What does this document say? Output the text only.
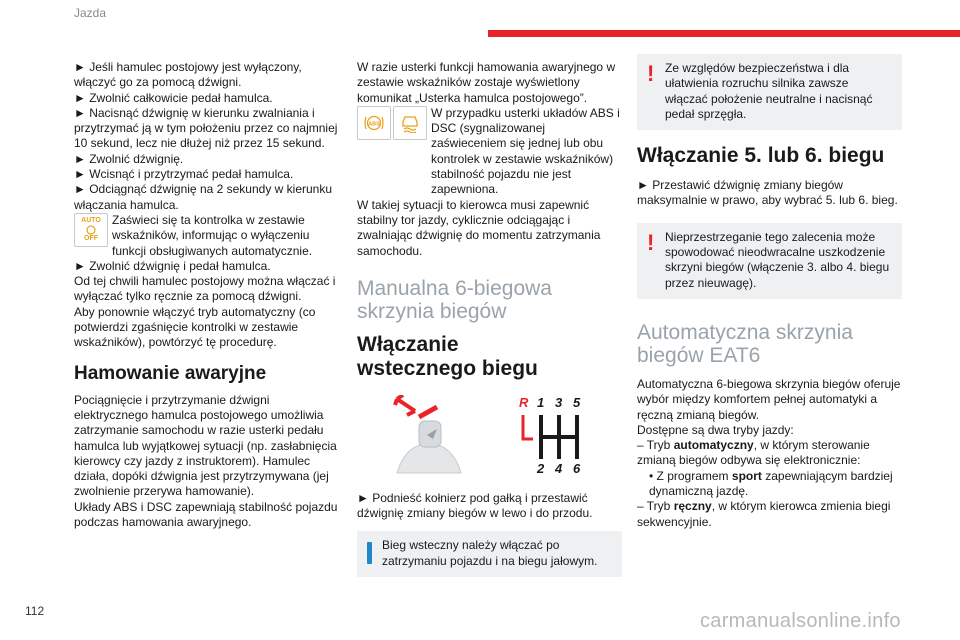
Jazda

► Jeśli hamulec postojowy jest wyłączony, włączyć go za pomocą dźwigni.

► Zwolnić całkowicie pedał hamulca.

► Nacisnąć dźwignię w kierunku zwalniania i przytrzymać ją w tym położeniu przez co najmniej 10 sekund, lecz nie dłużej niż przez 15 sekund.

► Zwolnić dźwignię.

► Wcisnąć i przytrzymać pedał hamulca.

► Odciągnąć dźwignię na 2 sekundy w kierunku włączania hamulca.

AUTO
OFF

Zaświeci się ta kontrolka w zestawie wskaźników, informując o wyłączeniu funkcji obsługiwanych automatycznie.

► Zwolnić dźwignię i pedał hamulca.

Od tej chwili hamulec postojowy można włączać i wyłączać tylko ręcznie za pomocą dźwigni.

Aby ponownie włączyć tryb automatyczny (co potwierdzi zgaśnięcie kontrolki w zestawie wskaźników), powtórzyć tę procedurę.

Hamowanie awaryjne

Pociągnięcie i przytrzymanie dźwigni elektrycznego hamulca postojowego umożliwia zatrzymanie samochodu w razie usterki pedału hamulca lub wyjątkowej sytuacji (np. zasłabnięcia kierowcy czy jazdy z instruktorem). Hamulec działa, dopóki dźwignia jest przytrzymywana (jej zwolnienie przerywa hamowanie).

Układy ABS i DSC zapewniają stabilność pojazdu podczas hamowania awaryjnego.

W razie usterki funkcji hamowania awaryjnego w zestawie wskaźników zostaje wyświetlony komunikat „Usterka hamulca postojowego”.

ABS

W przypadku usterki układów ABS i DSC (sygnalizowanej zaświeceniem się jednej lub obu kontrolek w zestawie wskaźników) stabilność pojazdu nie jest zapewniona.

W takiej sytuacji to kierowca musi zapewnić stabilny tor jazdy, cyklicznie odciągając i zwalniając dźwignię do momentu zatrzymania samochodu.

Manualna 6-biegowa skrzynia biegów
Włączanie wstecznego biegu
R 1 3 5
2 4 6

► Podnieść kołnierz pod gałką i przestawić dźwignię zmiany biegów w lewo i do przodu.

Bieg wsteczny należy włączać po zatrzymaniu pojazdu i na biegu jałowym.

! Ze względów bezpieczeństwa i dla ułatwienia rozruchu silnika zawsze włączać położenie neutralne i nacisnąć pedał sprzęgła.

Włączanie 5. lub 6. biegu

► Przestawić dźwignię zmiany biegów maksymalnie w prawo, aby wybrać 5. lub 6. bieg.

! Nieprzestrzeganie tego zalecenia może spowodować nieodwracalne uszkodzenie skrzyni biegów (włączenie 3. albo 4. biegu przez nieuwagę).

Automatyczna skrzynia biegów EAT6

Automatyczna 6-biegowa skrzynia biegów oferuje wybór między komfortem pełnej automatyki a ręczną zmianą biegów.

Dostępne są dwa tryby jazdy:

– Tryb automatyczny, w którym sterowanie zmianą biegów odbywa się elektronicznie:

• Z programem sport zapewniającym bardziej dynamiczną jazdę.

– Tryb ręczny, w którym kierowca zmienia biegi sekwencyjnie.

112	carmanualsonline.info
